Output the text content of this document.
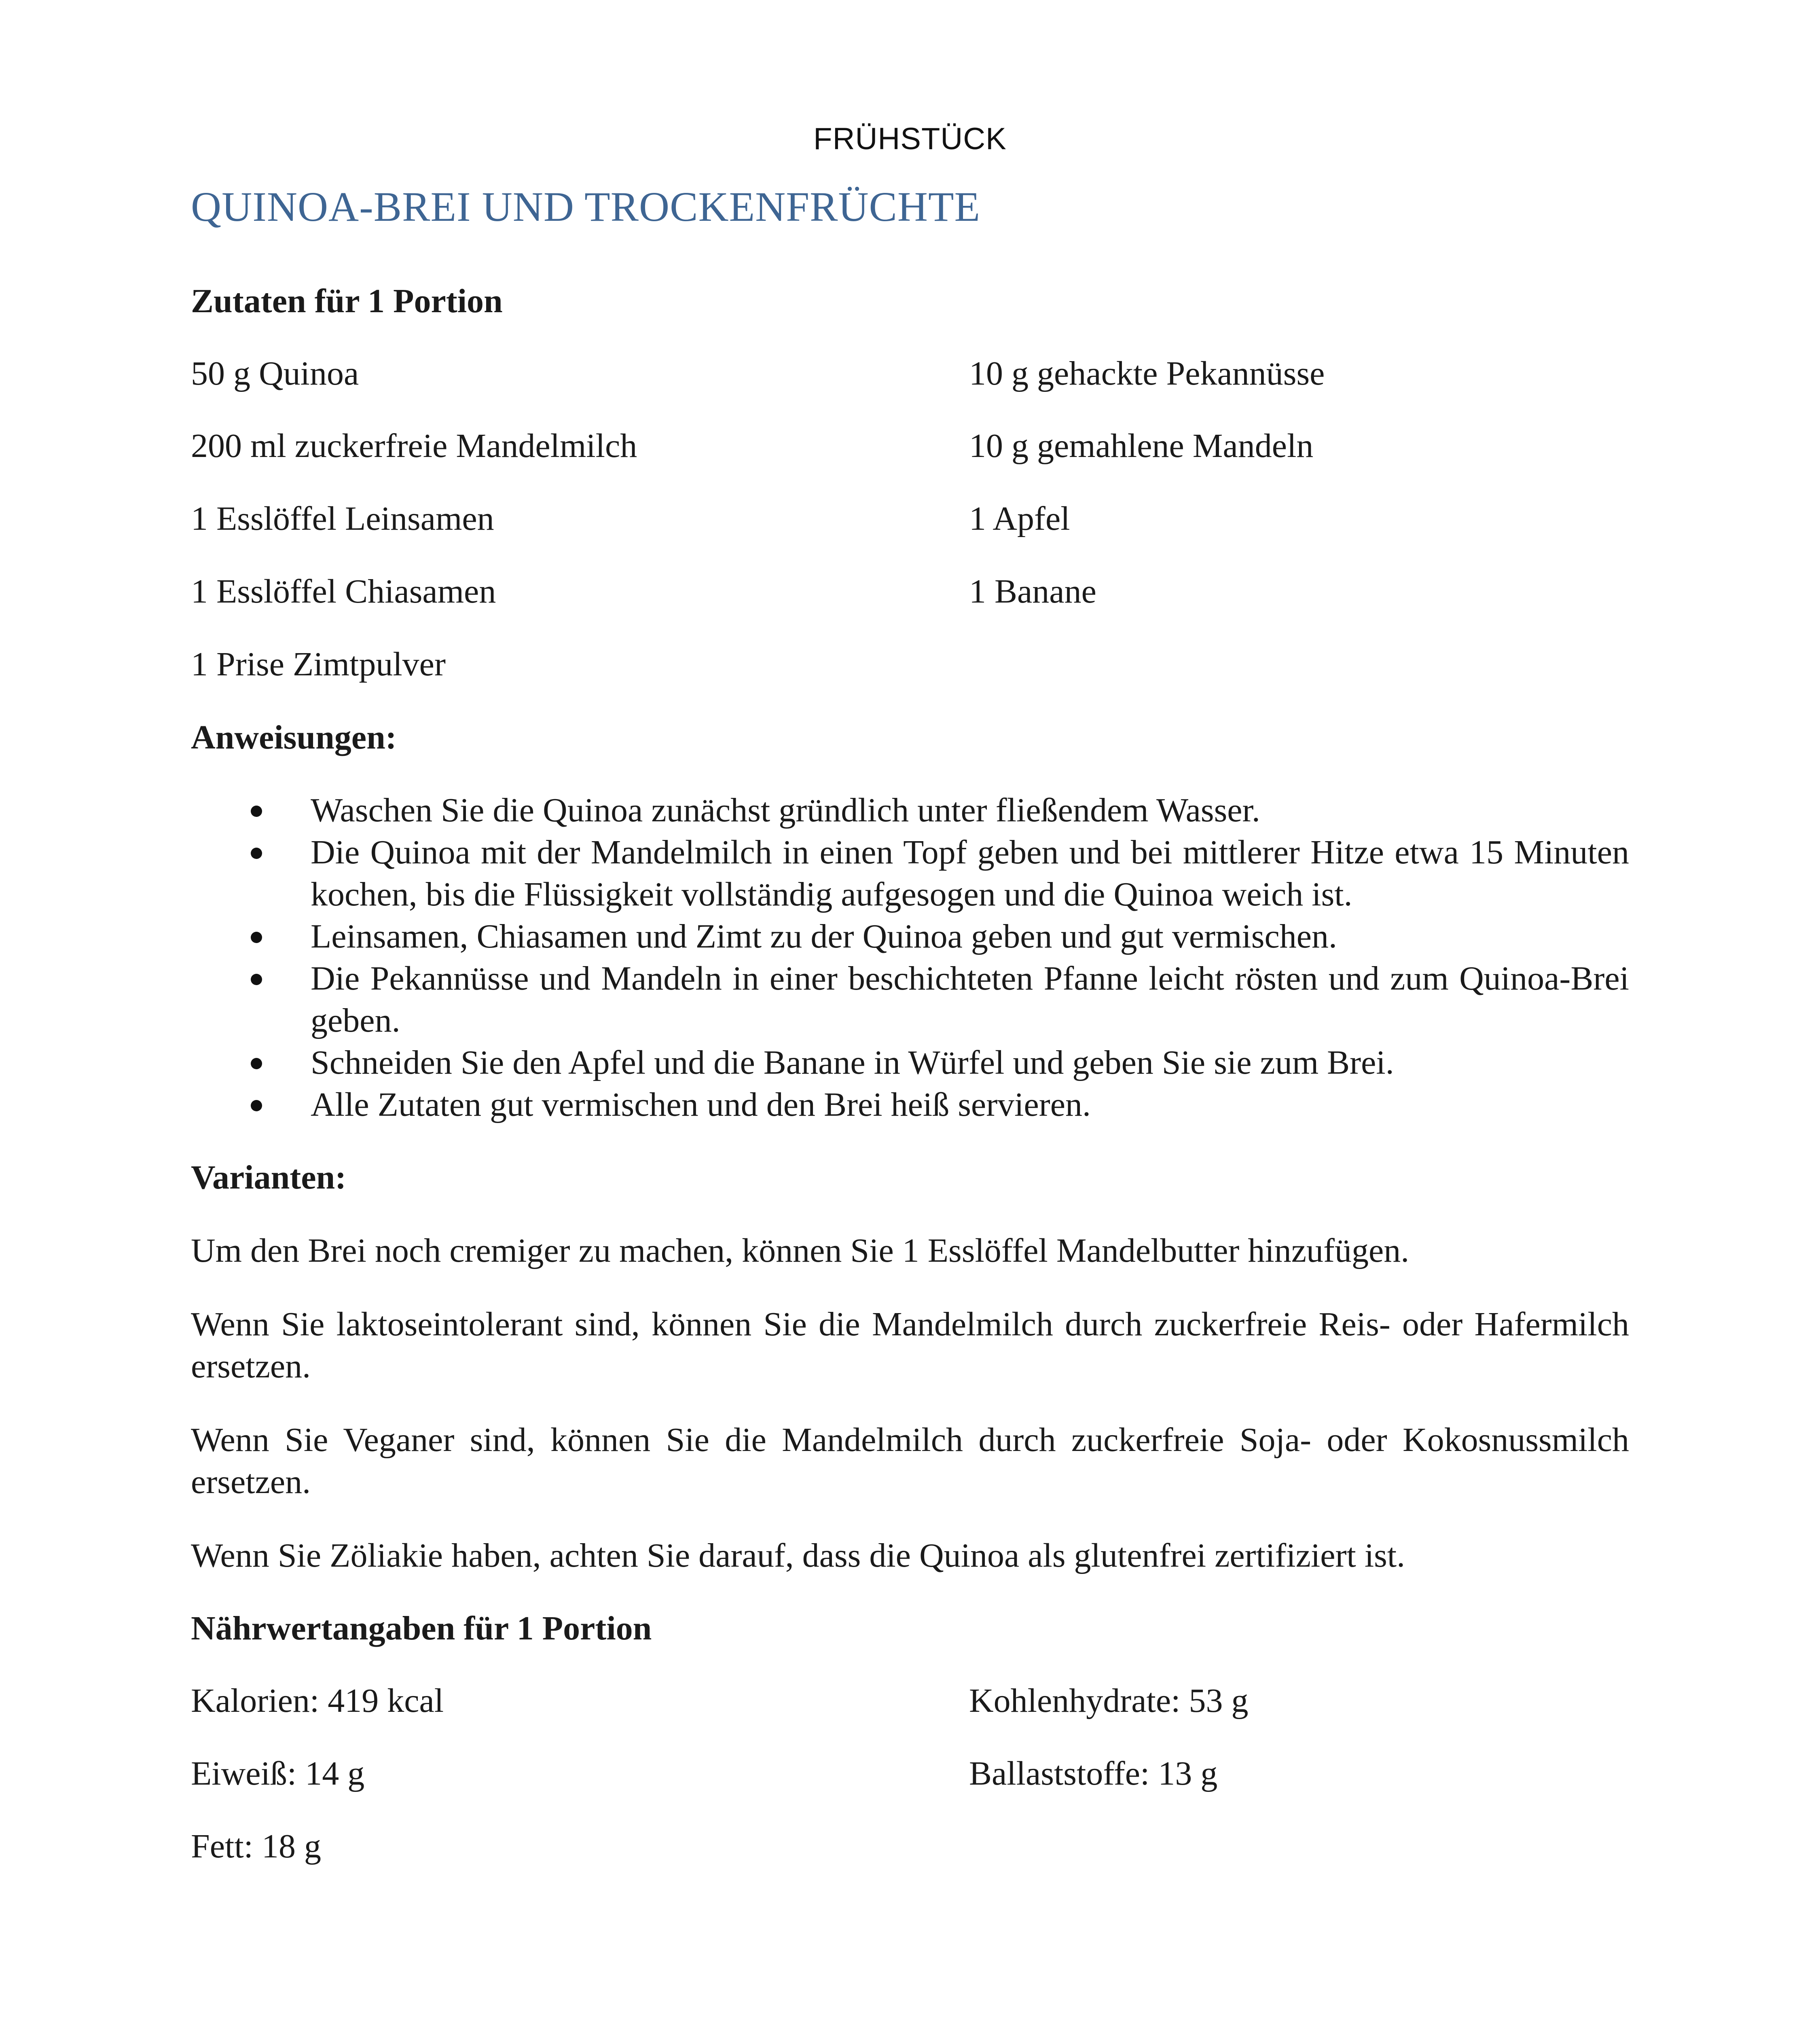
FRÜHSTÜCK
QUINOA-BREI UND TROCKENFRÜCHTE
Zutaten für 1 Portion
50 g Quinoa	10 g gehackte Pekannüsse
200 ml zuckerfreie Mandelmilch	10 g gemahlene Mandeln
1 Esslöffel Leinsamen	1 Apfel
1 Esslöffel Chiasamen	1 Banane
1 Prise Zimtpulver
Anweisungen:
Waschen Sie die Quinoa zunächst gründlich unter fließendem Wasser.
Die Quinoa mit der Mandelmilch in einen Topf geben und bei mittlerer Hitze etwa 15 Minuten kochen, bis die Flüssigkeit vollständig aufgesogen und die Quinoa weich ist.
Leinsamen, Chiasamen und Zimt zu der Quinoa geben und gut vermischen.
Die Pekannüsse und Mandeln in einer beschichteten Pfanne leicht rösten und zum Quinoa-Brei geben.
Schneiden Sie den Apfel und die Banane in Würfel und geben Sie sie zum Brei.
Alle Zutaten gut vermischen und den Brei heiß servieren.
Varianten:

Um den Brei noch cremiger zu machen, können Sie 1 Esslöffel Mandelbutter hinzufügen.

Wenn Sie laktoseintolerant sind, können Sie die Mandelmilch durch zuckerfreie Reis- oder Hafermilch ersetzen.

Wenn Sie Veganer sind, können Sie die Mandelmilch durch zuckerfreie Soja- oder Kokosnussmilch ersetzen.

Wenn Sie Zöliakie haben, achten Sie darauf, dass die Quinoa als glutenfrei zertifiziert ist.

Nährwertangaben für 1 Portion
Kalorien: 419 kcal	Kohlenhydrate: 53 g
Eiweiß: 14 g	Ballaststoffe: 13 g
Fett: 18 g
